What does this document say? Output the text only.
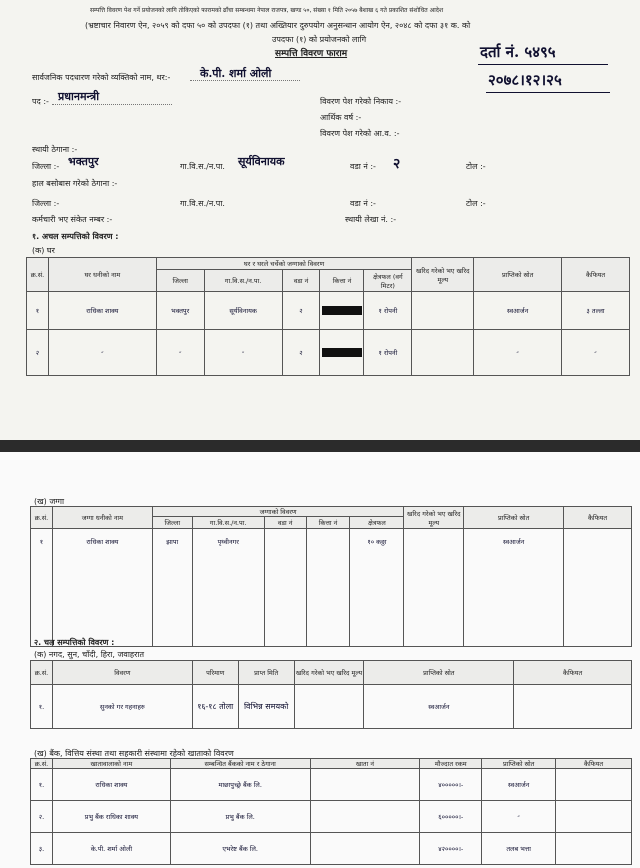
सम्पत्ति विवरण पेश गर्ने प्रयोजनको लागि तोकिएको फारामको ढाँचा सम्बन्धमा नेपाल राजपत्र, खण्ड ५०, संख्या १ मिति २०५७ बैशाख ६ गते प्रकाशित संशोधित आदेश
(भ्रष्टाचार निवारण ऐन, २०५९ को दफा ५० को उपदफा (१) तथा अख्तियार दुरुपयोग अनुसन्धान आयोग ऐन, २०४८ को दफा ३१ क. को
उपदफा (१) को प्रयोजनको लागि
सम्पत्ति विवरण फाराम	दर्ता नं. ५४९५
२०७८।१२।२५
सार्वजनिक पदधारण गरेको व्यक्तिको नाम, थर:-	के.पी. शर्मा ओली
पद :- प्रधानमन्त्री	विवरण पेश गरेको निकाय :-
आर्थिक वर्ष :-
विवरण पेश गरेको आ.व. :-
स्थायी ठेगाना :-
जिल्ला :- भक्तपुर	गा.वि.स./न.पा. सूर्यविनायक	वडा नं :- २	टोल :-
हाल बसोबास गरेको ठेगाना :-
जिल्ला :-	गा.वि.स./न.पा.	वडा नं :-	टोल :-
कर्मचारी भए संकेत नम्बर :-	स्थायी लेखा नं. :-
१. अचल सम्पत्तिको विवरण :
(क) घर
क्र.सं.	घर धनीको नाम	घर र घरले चर्चेको जग्गाको विवरण					खरिद गरेको भए खरिद मूल्य	प्राप्तिको स्रोत	कैफियत
		जिल्ला	गा.वि.स./न.पा.	वडा नं	कित्ता नं	क्षेत्रफल (वर्ग मिटर)			
१	राधिका शाक्य	भक्तपुर	सूर्यविनायक	२		१ रोपनी		स्वआर्जन	३ तल्ला
२	״	״	״	२		१ रोपनी		״	״
(ख) जग्गा
क्र.सं.	जग्गा धनीको नाम	जग्गाको विवरण					खरिद गरेको भए खरिद मूल्य	प्राप्तिको स्रोत	कैफियत
		जिल्ला	गा.वि.स./न.पा.	वडा नं	कित्ता नं	क्षेत्रफल			
१	राधिका शाक्य	झापा	पृथ्वीनगर			१० कठ्ठा		स्वआर्जन	
२. चल सम्पत्तिको विवरण :
(क) नगद, सुन, चाँदी, हिरा, जवाहरात
क्र.सं.	विवरण	परिमाण	प्राप्त मिति	खरिद गरेको भए खरिद मूल्य	प्राप्तिको स्रोत	कैफियत
१.	सुनको गर गहनाहरु	१६-१८ तोला	विभिन्न समयको		स्वआर्जन	
(ख) बैंक, वित्तिय संस्था तथा सहकारी संस्थामा रहेको खाताको विवरण
क्र.सं.	खातावालाको नाम	सम्बन्धित बैंकको नाम र ठेगाना	खाता नं	मौज्दात रकम	प्राप्तिको स्रोत	कैफियत
१.	राधिका शाक्य	माछापुच्छ्रे बैंक लि.		४०००००।-	स्वआर्जन	
२.	प्रभु बैंक राधिका शाक्य	प्रभु बैंक लि.		६०००००।-	״	
३.	के.पी. शर्मा ओली	एभरेष्ट बैंक लि.		४२००००।-	तलब भत्ता	
